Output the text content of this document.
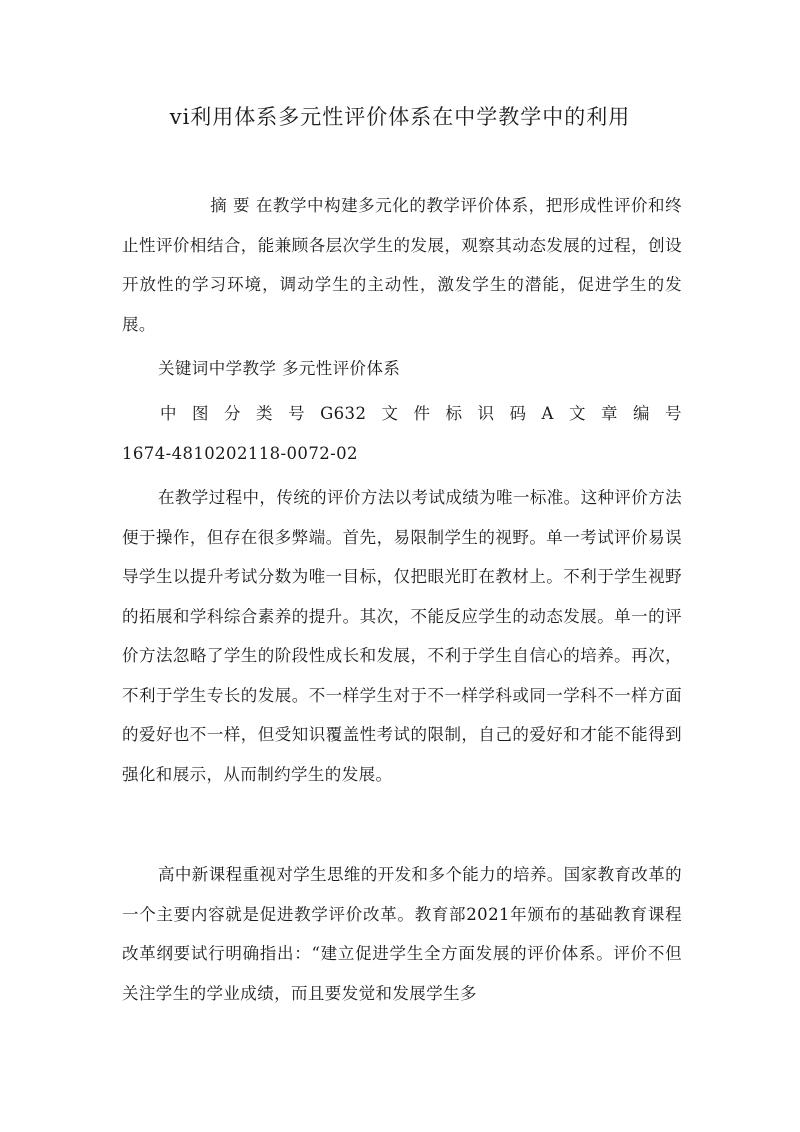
vi利用体系多元性评价体系在中学教学中的利用

摘 要 在教学中构建多元化的教学评价体系，把形成性评价和终止性评价相结合，能兼顾各层次学生的发展，观察其动态发展的过程，创设开放性的学习环境，调动学生的主动性，激发学生的潜能，促进学生的发展。

关键词中学教学 多元性评价体系

中 图 分 类 号 G632 文 件 标 识 码 A 文 章 编 号
1674-4810202118-0072-02

在教学过程中，传统的评价方法以考试成绩为唯一标准。这种评价方法便于操作，但存在很多弊端。首先，易限制学生的视野。单一考试评价易误导学生以提升考试分数为唯一目标，仅把眼光盯在教材上。不利于学生视野的拓展和学科综合素养的提升。其次，不能反应学生的动态发展。单一的评价方法忽略了学生的阶段性成长和发展，不利于学生自信心的培养。再次，不利于学生专长的发展。不一样学生对于不一样学科或同一学科不一样方面的爱好也不一样，但受知识覆盖性考试的限制，自己的爱好和才能不能得到强化和展示，从而制约学生的发展。

高中新课程重视对学生思维的开发和多个能力的培养。国家教育改革的一个主要内容就是促进教学评价改革。教育部2021年颁布的基础教育课程改革纲要试行明确指出：“建立促进学生全方面发展的评价体系。评价不但关注学生的学业成绩，而且要发觉和发展学生多
